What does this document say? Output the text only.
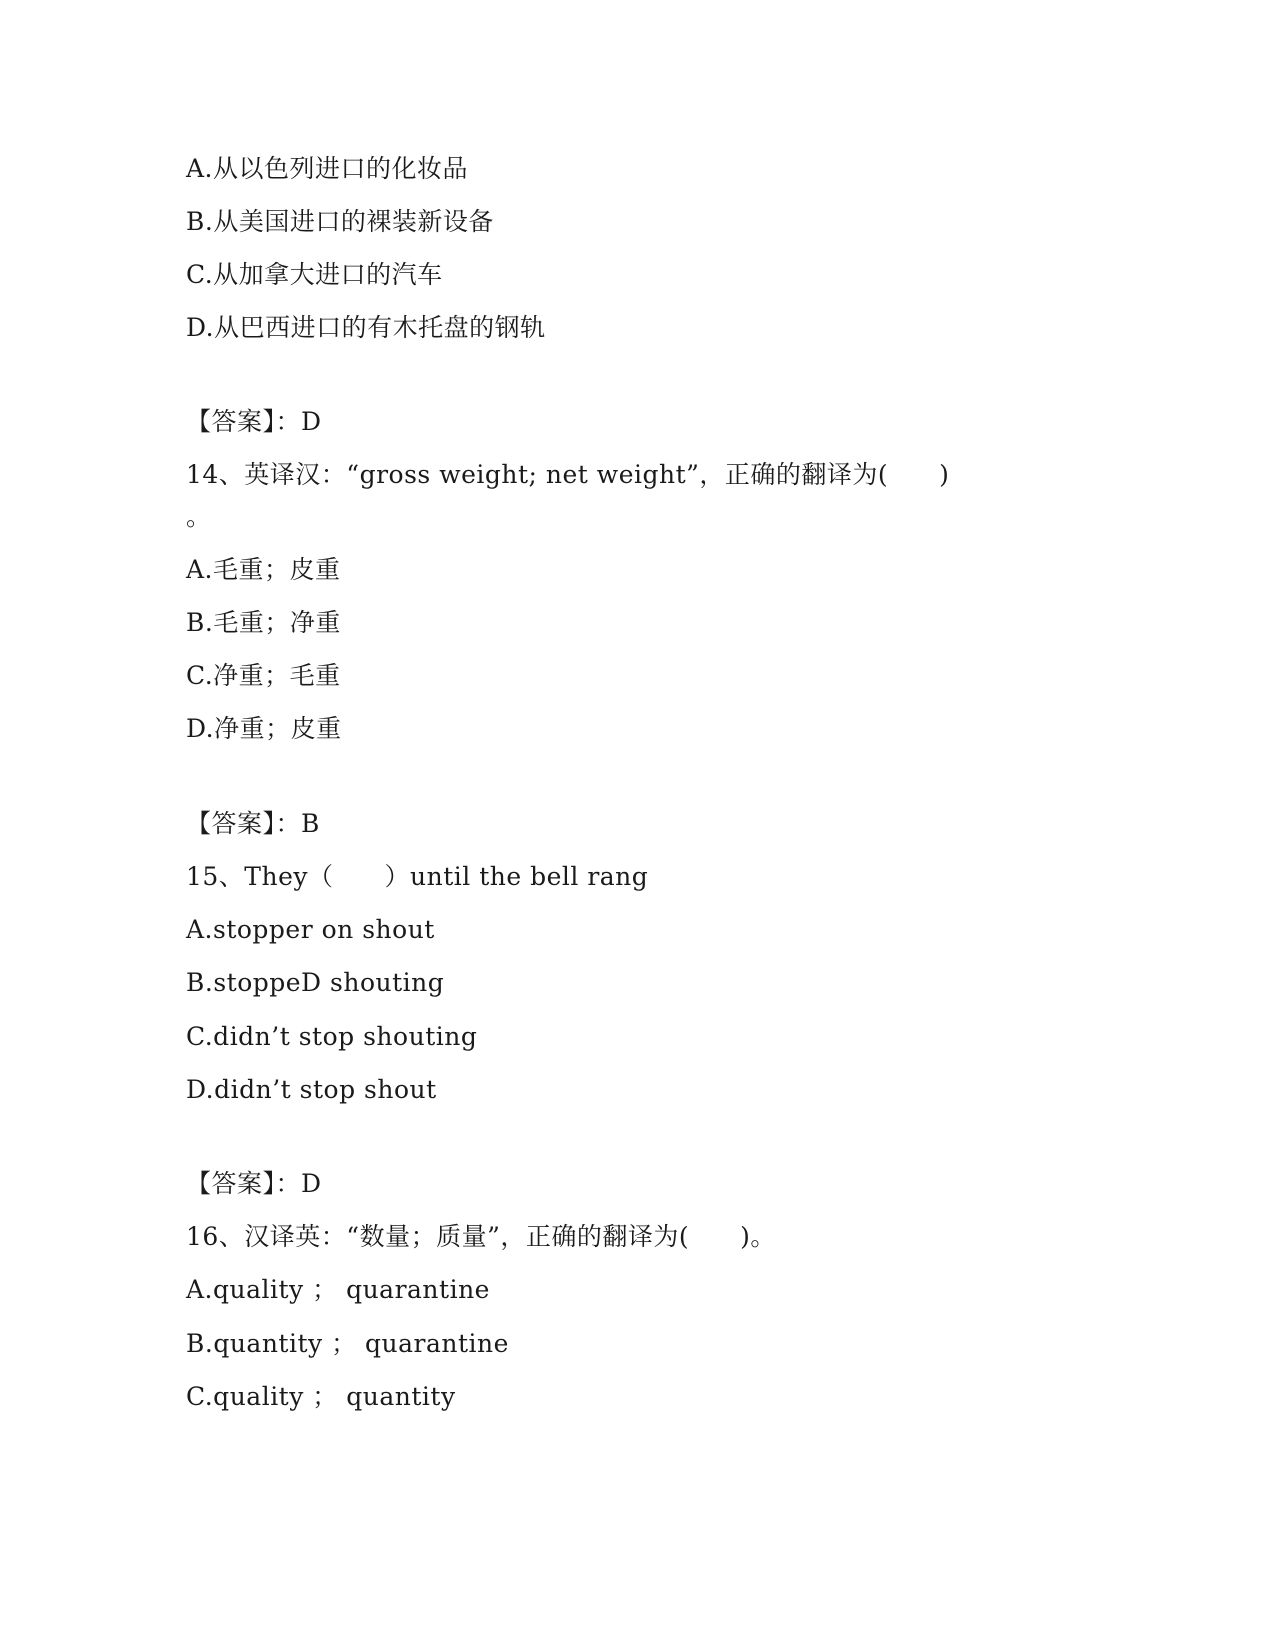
A.从以色列进口的化妆品
B.从美国进口的裸装新设备
C.从加拿大进口的汽车
D.从巴西进口的有木托盘的钢轨
【答案】：D
14、英译汉：“gross weight; net weight”，正确的翻译为(　　)
。
A.毛重；皮重
B.毛重；净重
C.净重；毛重
D.净重；皮重
【答案】：B
15、They（　　）until the bell rang
A.stopper on shout
B.stoppeD shouting
C.didn’t stop shouting
D.didn’t stop shout
【答案】：D
16、汉译英：“数量；质量”，正确的翻译为(　　)。
A.quality ； quarantine
B.quantity ； quarantine
C.quality ； quantity
